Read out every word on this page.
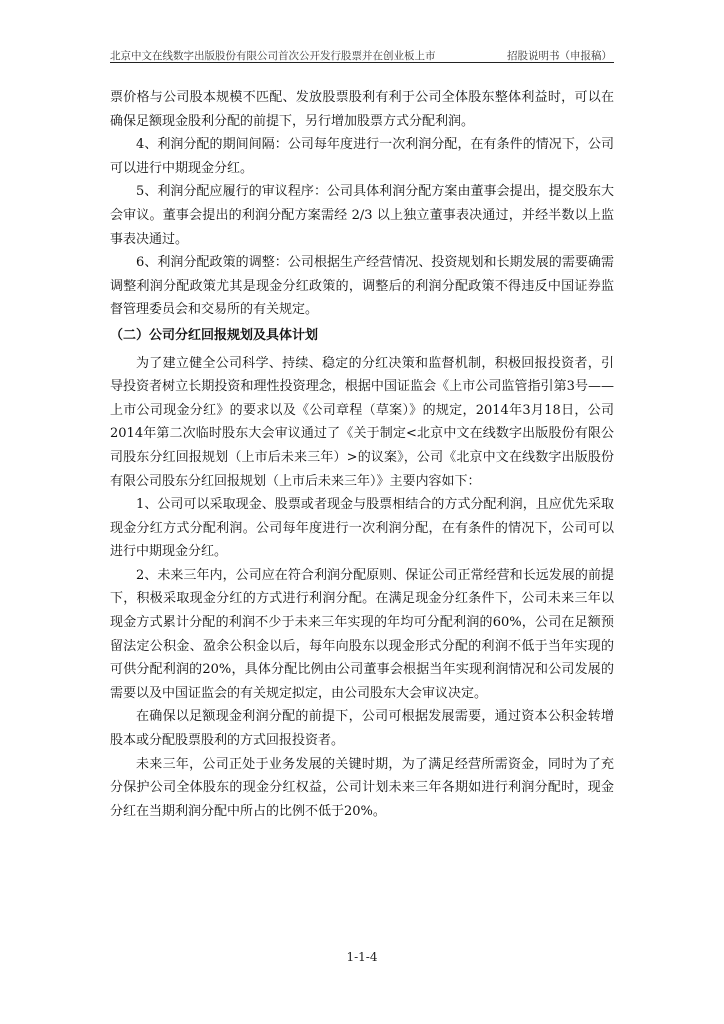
北京中文在线数字出版股份有限公司首次公开发行股票并在创业板上市	招股说明书（申报稿）

票价格与公司股本规模不匹配、发放股票股利有利于公司全体股东整体利益时，可以在确保足额现金股利分配的前提下，另行增加股票方式分配利润。

4、利润分配的期间间隔：公司每年度进行一次利润分配，在有条件的情况下，公司可以进行中期现金分红。

5、利润分配应履行的审议程序：公司具体利润分配方案由董事会提出，提交股东大会审议。董事会提出的利润分配方案需经 2/3 以上独立董事表决通过，并经半数以上监事表决通过。

6、利润分配政策的调整：公司根据生产经营情况、投资规划和长期发展的需要确需调整利润分配政策尤其是现金分红政策的，调整后的利润分配政策不得违反中国证券监督管理委员会和交易所的有关规定。

（二）公司分红回报规划及具体计划

为了建立健全公司科学、持续、稳定的分红决策和监督机制，积极回报投资者，引导投资者树立长期投资和理性投资理念，根据中国证监会《上市公司监管指引第3号——上市公司现金分红》的要求以及《公司章程（草案）》的规定，2014年3月18日，公司2014年第二次临时股东大会审议通过了《关于制定<北京中文在线数字出版股份有限公司股东分红回报规划（上市后未来三年）>的议案》，公司《北京中文在线数字出版股份有限公司股东分红回报规划（上市后未来三年）》主要内容如下：

1、公司可以采取现金、股票或者现金与股票相结合的方式分配利润，且应优先采取现金分红方式分配利润。公司每年度进行一次利润分配，在有条件的情况下，公司可以进行中期现金分红。

2、未来三年内，公司应在符合利润分配原则、保证公司正常经营和长远发展的前提下，积极采取现金分红的方式进行利润分配。在满足现金分红条件下，公司未来三年以现金方式累计分配的利润不少于未来三年实现的年均可分配利润的60%，公司在足额预留法定公积金、盈余公积金以后，每年向股东以现金形式分配的利润不低于当年实现的可供分配利润的20%，具体分配比例由公司董事会根据当年实现利润情况和公司发展的需要以及中国证监会的有关规定拟定，由公司股东大会审议决定。

在确保以足额现金利润分配的前提下，公司可根据发展需要，通过资本公积金转增股本或分配股票股利的方式回报投资者。

未来三年，公司正处于业务发展的关键时期，为了满足经营所需资金，同时为了充分保护公司全体股东的现金分红权益，公司计划未来三年各期如进行利润分配时，现金分红在当期利润分配中所占的比例不低于20%。

1-1-4
